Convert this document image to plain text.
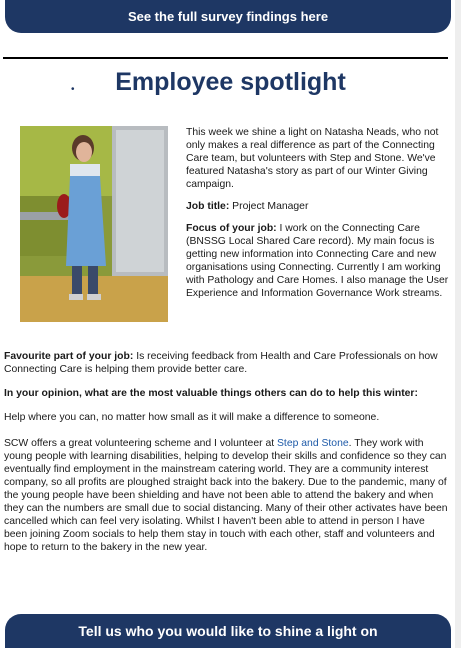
See the full survey findings here
•	Employee spotlight

This week we shine a light on Natasha Neads, who not only makes a real difference as part of the Connecting Care team, but volunteers with Step and Stone. We've featured Natasha's story as part of our Winter Giving campaign.

Job title: Project Manager

Focus of your job: I work on the Connecting Care (BNSSG Local Shared Care record). My main focus is getting new information into Connecting Care and new organisations using Connecting. Currently I am working with Pathology and Care Homes. I also manage the User Experience and Information Governance Work streams.

Favourite part of your job: Is receiving feedback from Health and Care Professionals on how Connecting Care is helping them provide better care.

In your opinion, what are the most valuable things others can do to help this winter:

Help where you can, no matter how small as it will make a difference to someone.

SCW offers a great volunteering scheme and I volunteer at Step and Stone. They work with young people with learning disabilities, helping to develop their skills and confidence so they can eventually find employment in the mainstream catering world. They are a community interest company, so all profits are ploughed straight back into the bakery. Due to the pandemic, many of the young people have been shielding and have not been able to attend the bakery and when they can the numbers are small due to social distancing. Many of their other activates have been cancelled which can feel very isolating. Whilst I haven't been able to attend in person I have been joining Zoom socials to help them stay in touch with each other, staff and volunteers and hope to return to the bakery in the new year.

Tell us who you would like to shine a light on
